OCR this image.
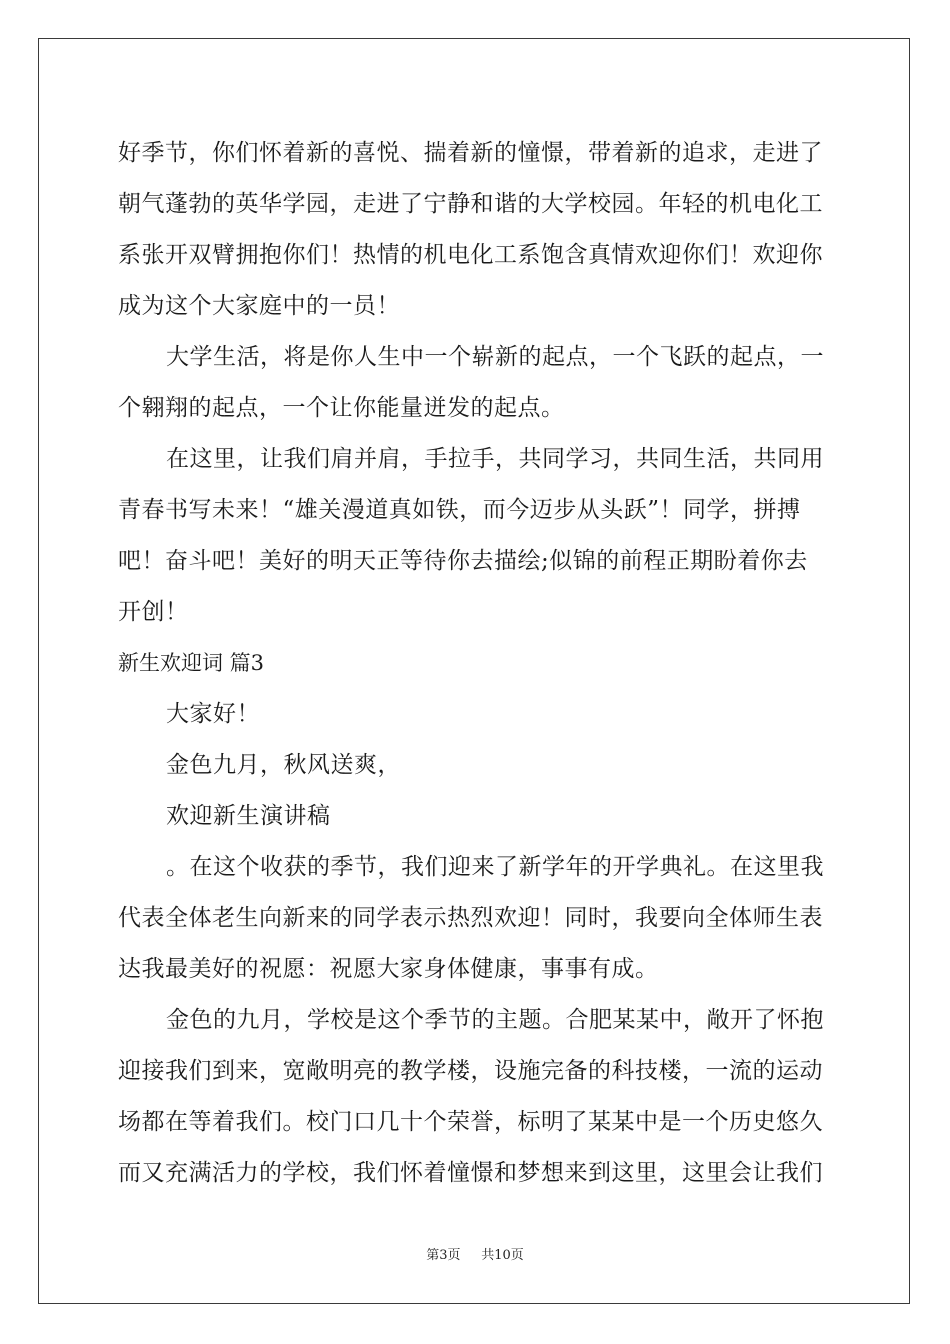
好季节，你们怀着新的喜悦、揣着新的憧憬，带着新的追求，走进了
朝气蓬勃的英华学园，走进了宁静和谐的大学校园。年轻的机电化工
系张开双臂拥抱你们！热情的机电化工系饱含真情欢迎你们！欢迎你
成为这个大家庭中的一员！
大学生活，将是你人生中一个崭新的起点，一个飞跃的起点，一
个翱翔的起点，一个让你能量迸发的起点。
在这里，让我们肩并肩，手拉手，共同学习，共同生活，共同用
青春书写未来！“雄关漫道真如铁，而今迈步从头跃”！同学，拼搏
吧！奋斗吧！美好的明天正等待你去描绘;似锦的前程正期盼着你去
开创！
新生欢迎词 篇3
大家好！
金色九月，秋风送爽，
欢迎新生演讲稿
。在这个收获的季节，我们迎来了新学年的开学典礼。在这里我
代表全体老生向新来的同学表示热烈欢迎！同时，我要向全体师生表
达我最美好的祝愿：祝愿大家身体健康，事事有成。
金色的九月，学校是这个季节的主题。合肥某某中，敞开了怀抱
迎接我们到来，宽敞明亮的教学楼，设施完备的科技楼，一流的运动
场都在等着我们。校门口几十个荣誉，标明了某某中是一个历史悠久
而又充满活力的学校，我们怀着憧憬和梦想来到这里，这里会让我们
第3页 共10页
